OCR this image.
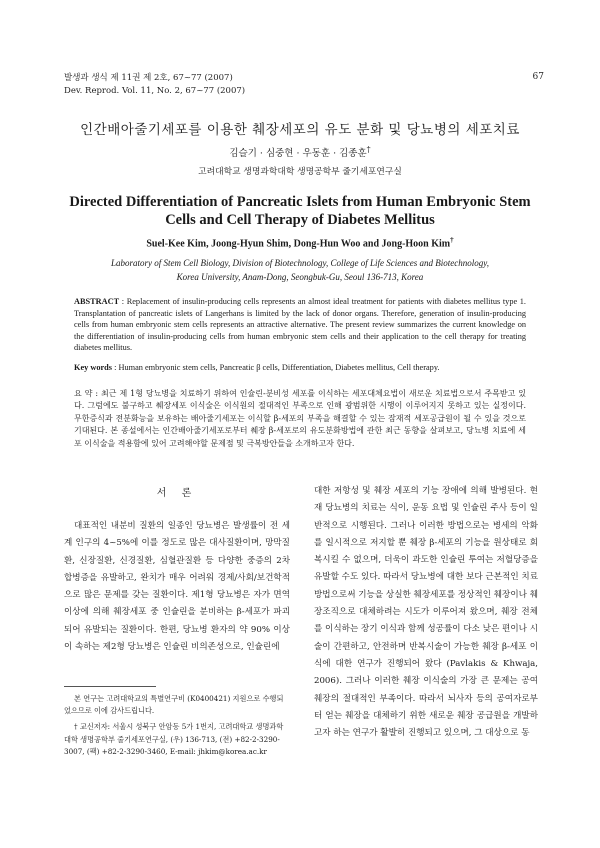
발생과 생식 제 11권 제 2호, 67~77 (2007)
Dev. Reprod. Vol. 11, No. 2, 67~77 (2007)
67
인간배아줄기세포를 이용한 췌장세포의 유도 분화 및 당뇨병의 세포치료
김슬기 · 심중현 · 우동훈 · 김종훈†
고려대학교 생명과학대학 생명공학부 줄기세포연구실
Directed Differentiation of Pancreatic Islets from Human Embryonic Stem
Cells and Cell Therapy of Diabetes Mellitus
Suel-Kee Kim, Joong-Hyun Shim, Dong-Hun Woo and Jong-Hoon Kim†
Laboratory of Stem Cell Biology, Division of Biotechnology, College of Life Sciences and Biotechnology,
Korea University, Anam-Dong, Seongbuk-Gu, Seoul 136-713, Korea
ABSTRACT : Replacement of insulin-producing cells represents an almost ideal treatment for patients with diabetes mellitus type 1. Transplantation of pancreatic islets of Langerhans is limited by the lack of donor organs. Therefore, generation of insulin-producing cells from human embryonic stem cells represents an attractive alternative. The present review summarizes the current knowledge on the differentiation of insulin-producing cells from human embryonic stem cells and their application to the cell therapy for treating diabetes mellitus.
Key words : Human embryonic stem cells, Pancreatic β cells, Differentiation, Diabetes mellitus, Cell therapy.
요 약 : 최근 제 1형 당뇨병을 치료하기 위하여 인슐린-분비성 세포를 이식하는 세포대체요법이 새로운 치료법으로서 주목받고 있다. 그럼에도 불구하고 췌장세포 이식술은 이식원의 절대적인 부족으로 인해 광범위한 시행이 이루어지지 못하고 있는 실정이다. 무한증식과 전분화능을 보유하는 배아줄기세포는 이식할 β-세포의 부족을 해결할 수 있는 잠재적 세포공급원이 될 수 있을 것으로 기대된다. 본 종설에서는 인간배아줄기세포로부터 췌장 β-세포로의 유도분화방법에 관한 최근 동향을 살펴보고, 당뇨병 치료에 세포 이식술을 적용함에 있어 고려해야할 문제점 및 극복방안들을 소개하고자 한다.
서 론

대표적인 내분비 질환의 일종인 당뇨병은 발생률이 전 세계 인구의 4~5%에 이를 정도로 많은 대사질환이며, 망막질환, 신장질환, 신경질환, 심혈관질환 등 다양한 중증의 2차 합병증을 유발하고, 완치가 매우 어려워 경제/사회/보건학적으로 많은 문제를 갖는 질환이다. 제1형 당뇨병은 자가 면역이상에 의해 췌장세포 중 인슐린을 분비하는 β-세포가 파괴되어 유발되는 질환이다. 한편, 당뇨병 환자의 약 90% 이상이 속하는 제2형 당뇨병은 인슐린 비의존성으로, 인슐린에

본 연구는 고려대학교의 특별연구비 (K0400421) 지원으로 수행되었으므로 이에 감사드립니다.

† 교신저자: 서울시 성북구 안암동 5가 1번지, 고려대학교 생명과학대학 생명공학부 줄기세포연구실, (우) 136-713, (전) +82-2-3290-3007, (팩) +82-2-3290-3460, E-mail: jhkim@korea.ac.kr

대한 저항성 및 췌장 세포의 기능 장애에 의해 발병된다. 현재 당뇨병의 치료는 식이, 운동 요법 및 인슐린 주사 등이 일반적으로 시행된다. 그러나 이러한 방법으로는 병세의 악화를 일시적으로 저지할 뿐 췌장 β-세포의 기능을 원상태로 회복시킬 수 없으며, 더욱이 과도한 인슐린 투여는 저혈당증을 유발할 수도 있다. 따라서 당뇨병에 대한 보다 근본적인 치료방법으로써 기능을 상실한 췌장세포를 정상적인 췌장이나 췌장조직으로 대체하려는 시도가 이루어져 왔으며, 췌장 전체를 이식하는 장기 이식과 함께 성공률이 다소 낮은 편이나 시술이 간편하고, 안전하며 반복시술이 가능한 췌장 β-세포 이식에 대한 연구가 진행되어 왔다 (Pavlakis & Khwaja, 2006). 그러나 이러한 췌장 이식술의 가장 큰 문제는 공여췌장의 절대적인 부족이다. 따라서 뇌사자 등의 공여자로부터 얻는 췌장을 대체하기 위한 새로운 췌장 공급원을 개발하고자 하는 연구가 활발히 진행되고 있으며, 그 대상으로 동
